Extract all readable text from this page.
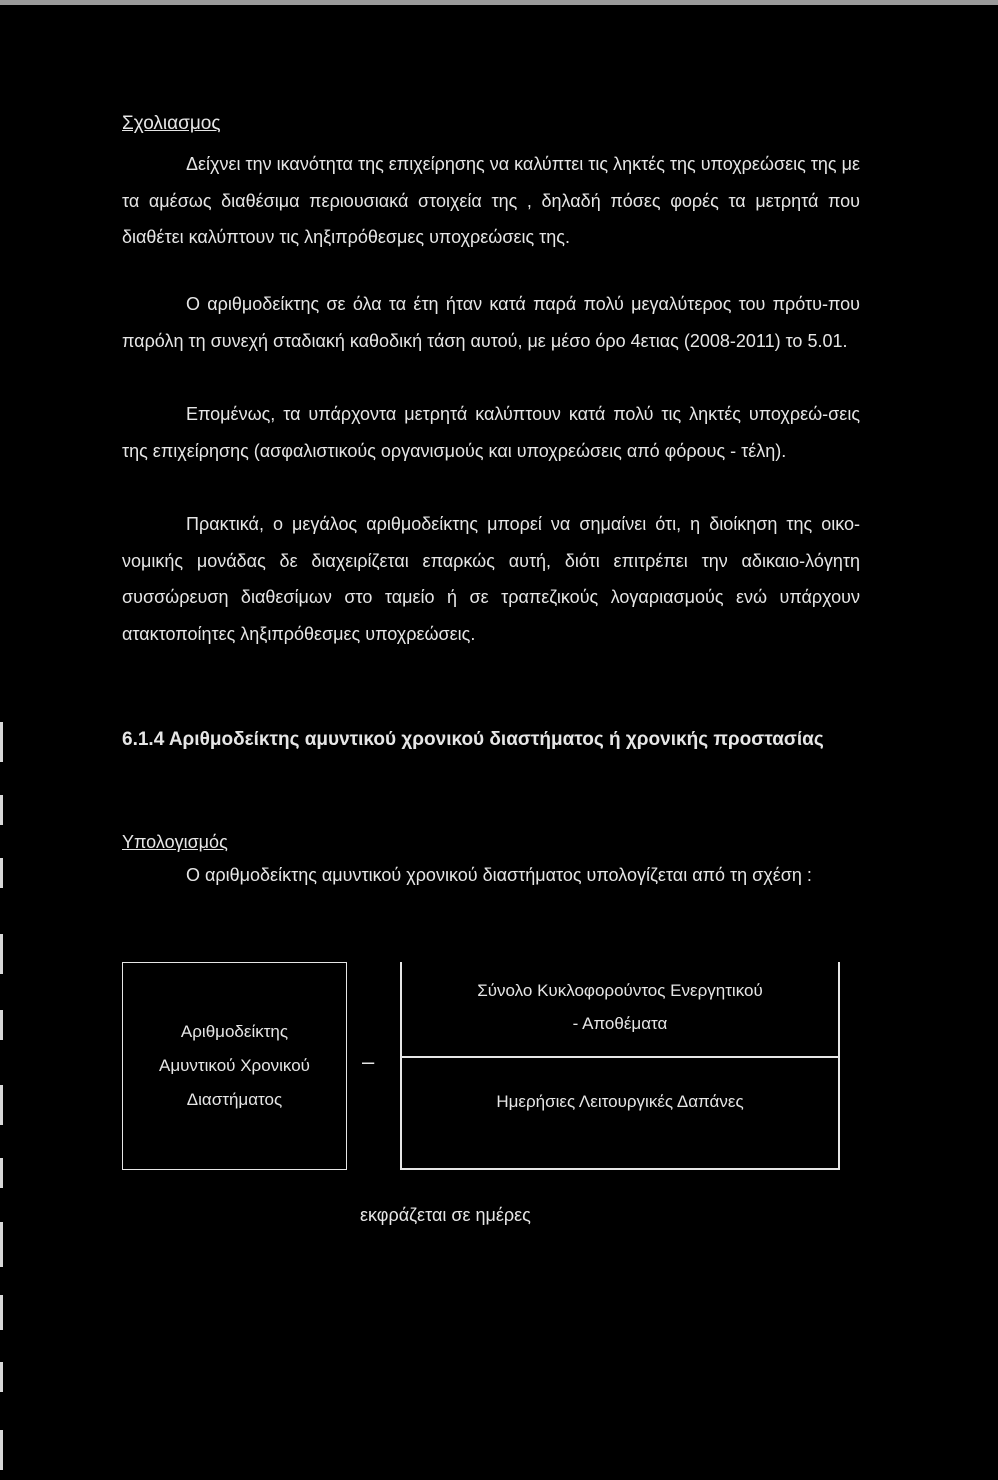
Σχολιασμος

Δείχνει την ικανότητα της επιχείρησης να καλύπτει τις ληκτές της υποχρεώσεις της με τα αμέσως διαθέσιμα περιουσιακά στοιχεία της , δηλαδή πόσες φορές τα μετρητά που διαθέτει καλύπτουν τις ληξιπρόθεσμες υποχρεώσεις της.

Ο αριθμοδείκτης σε όλα τα έτη ήταν κατά παρά πολύ μεγαλύτερος του πρότυ-που παρόλη τη συνεχή σταδιακή καθοδική τάση αυτού, με μέσο όρο 4ετιας (2008-2011) το 5.01.

Επομένως, τα υπάρχοντα μετρητά καλύπτουν κατά πολύ τις ληκτές υποχρεώ-σεις της επιχείρησης (ασφαλιστικούς οργανισμούς και υποχρεώσεις από φόρους - τέλη).

Πρακτικά, ο μεγάλος αριθμοδείκτης μπορεί να σημαίνει ότι, η διοίκηση της οικο-νομικής μονάδας δε διαχειρίζεται επαρκώς αυτή, διότι επιτρέπει την αδικαιο-λόγητη συσσώρευση διαθεσίμων στο ταμείο ή σε τραπεζικούς λογαριασμούς ενώ υπάρχουν ατακτοποίητες ληξιπρόθεσμες υποχρεώσεις.

6.1.4 Αριθμοδείκτης αμυντικού χρονικού διαστήματος ή χρονικής προστασίας

Υπολογισμός

Ο αριθμοδείκτης αμυντικού χρονικού διαστήματος υπολογίζεται από τη σχέση :

Αριθμοδείκτης
Αμυντικού Χρονικού
Διαστήματος
–
Σύνολο Κυκλοφορούντος Ενεργητικού
- Αποθέματα
Ημερήσιες Λειτουργικές Δαπάνες
εκφράζεται σε ημέρες
